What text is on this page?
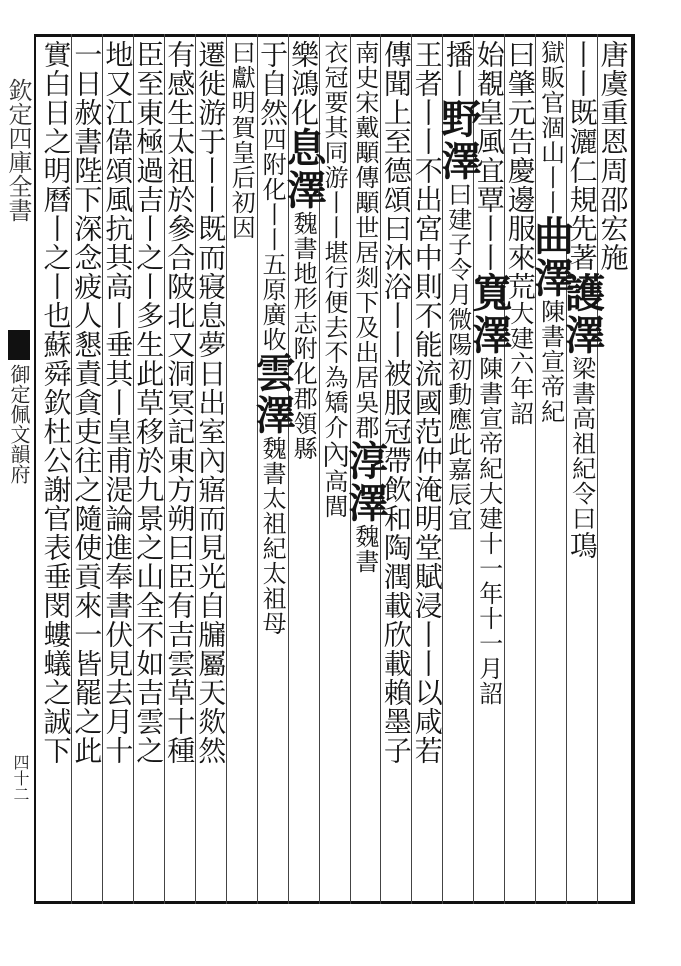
欽定四庫全書
御定佩文韻府
四十二
唐虞重恩周邵宏施
丨丨既灑仁規先著護澤梁書高祖紀令曰䲨
獄販官涸山丨丨曲澤陳書宣帝紀
曰肇元告慶邊服來荒大建六年詔
始覩皇風宜覃丨丨寬澤陳書宣帝紀大建十一年十一月詔
播丨野澤曰建子令月微陽初動應此嘉辰宜
王者丨丨不出宮中則不能流國范仲淹明堂賦浸丨丨以咸若
傳聞上至德頌曰沐浴丨丨被服冠帶飲和陶潤載欣載賴墨子
南史宋戴顒傳顒世居剡下及出居吳郡淳澤魏書
衣冠要其同游丨丨堪行便去不為矯介內高閭
樂鴻化息澤魏書地形志附化郡領縣
于自然四附化丨丨五原廣收雲澤魏書太祖紀太祖母
曰獻明賀皇后初因
遷徙游于丨丨既而寢息夢日出室內寤而見光自牖屬天欻然
有感生太祖於參合陂北又洞冥記東方朔曰臣有吉雲草十種
臣至東極過吉丨之丨多生此草移於九景之山全不如吉雲之
地又江偉頌風抗其高丨垂其丨皇甫湜論進奉書伏見去月十
一日赦書陛下深念疲人懇責貪吏往之隨使貢來一皆罷之此
實白日之明曆丨之丨也蘇舜欽杜公謝官表垂閔螻蟻之誠下
